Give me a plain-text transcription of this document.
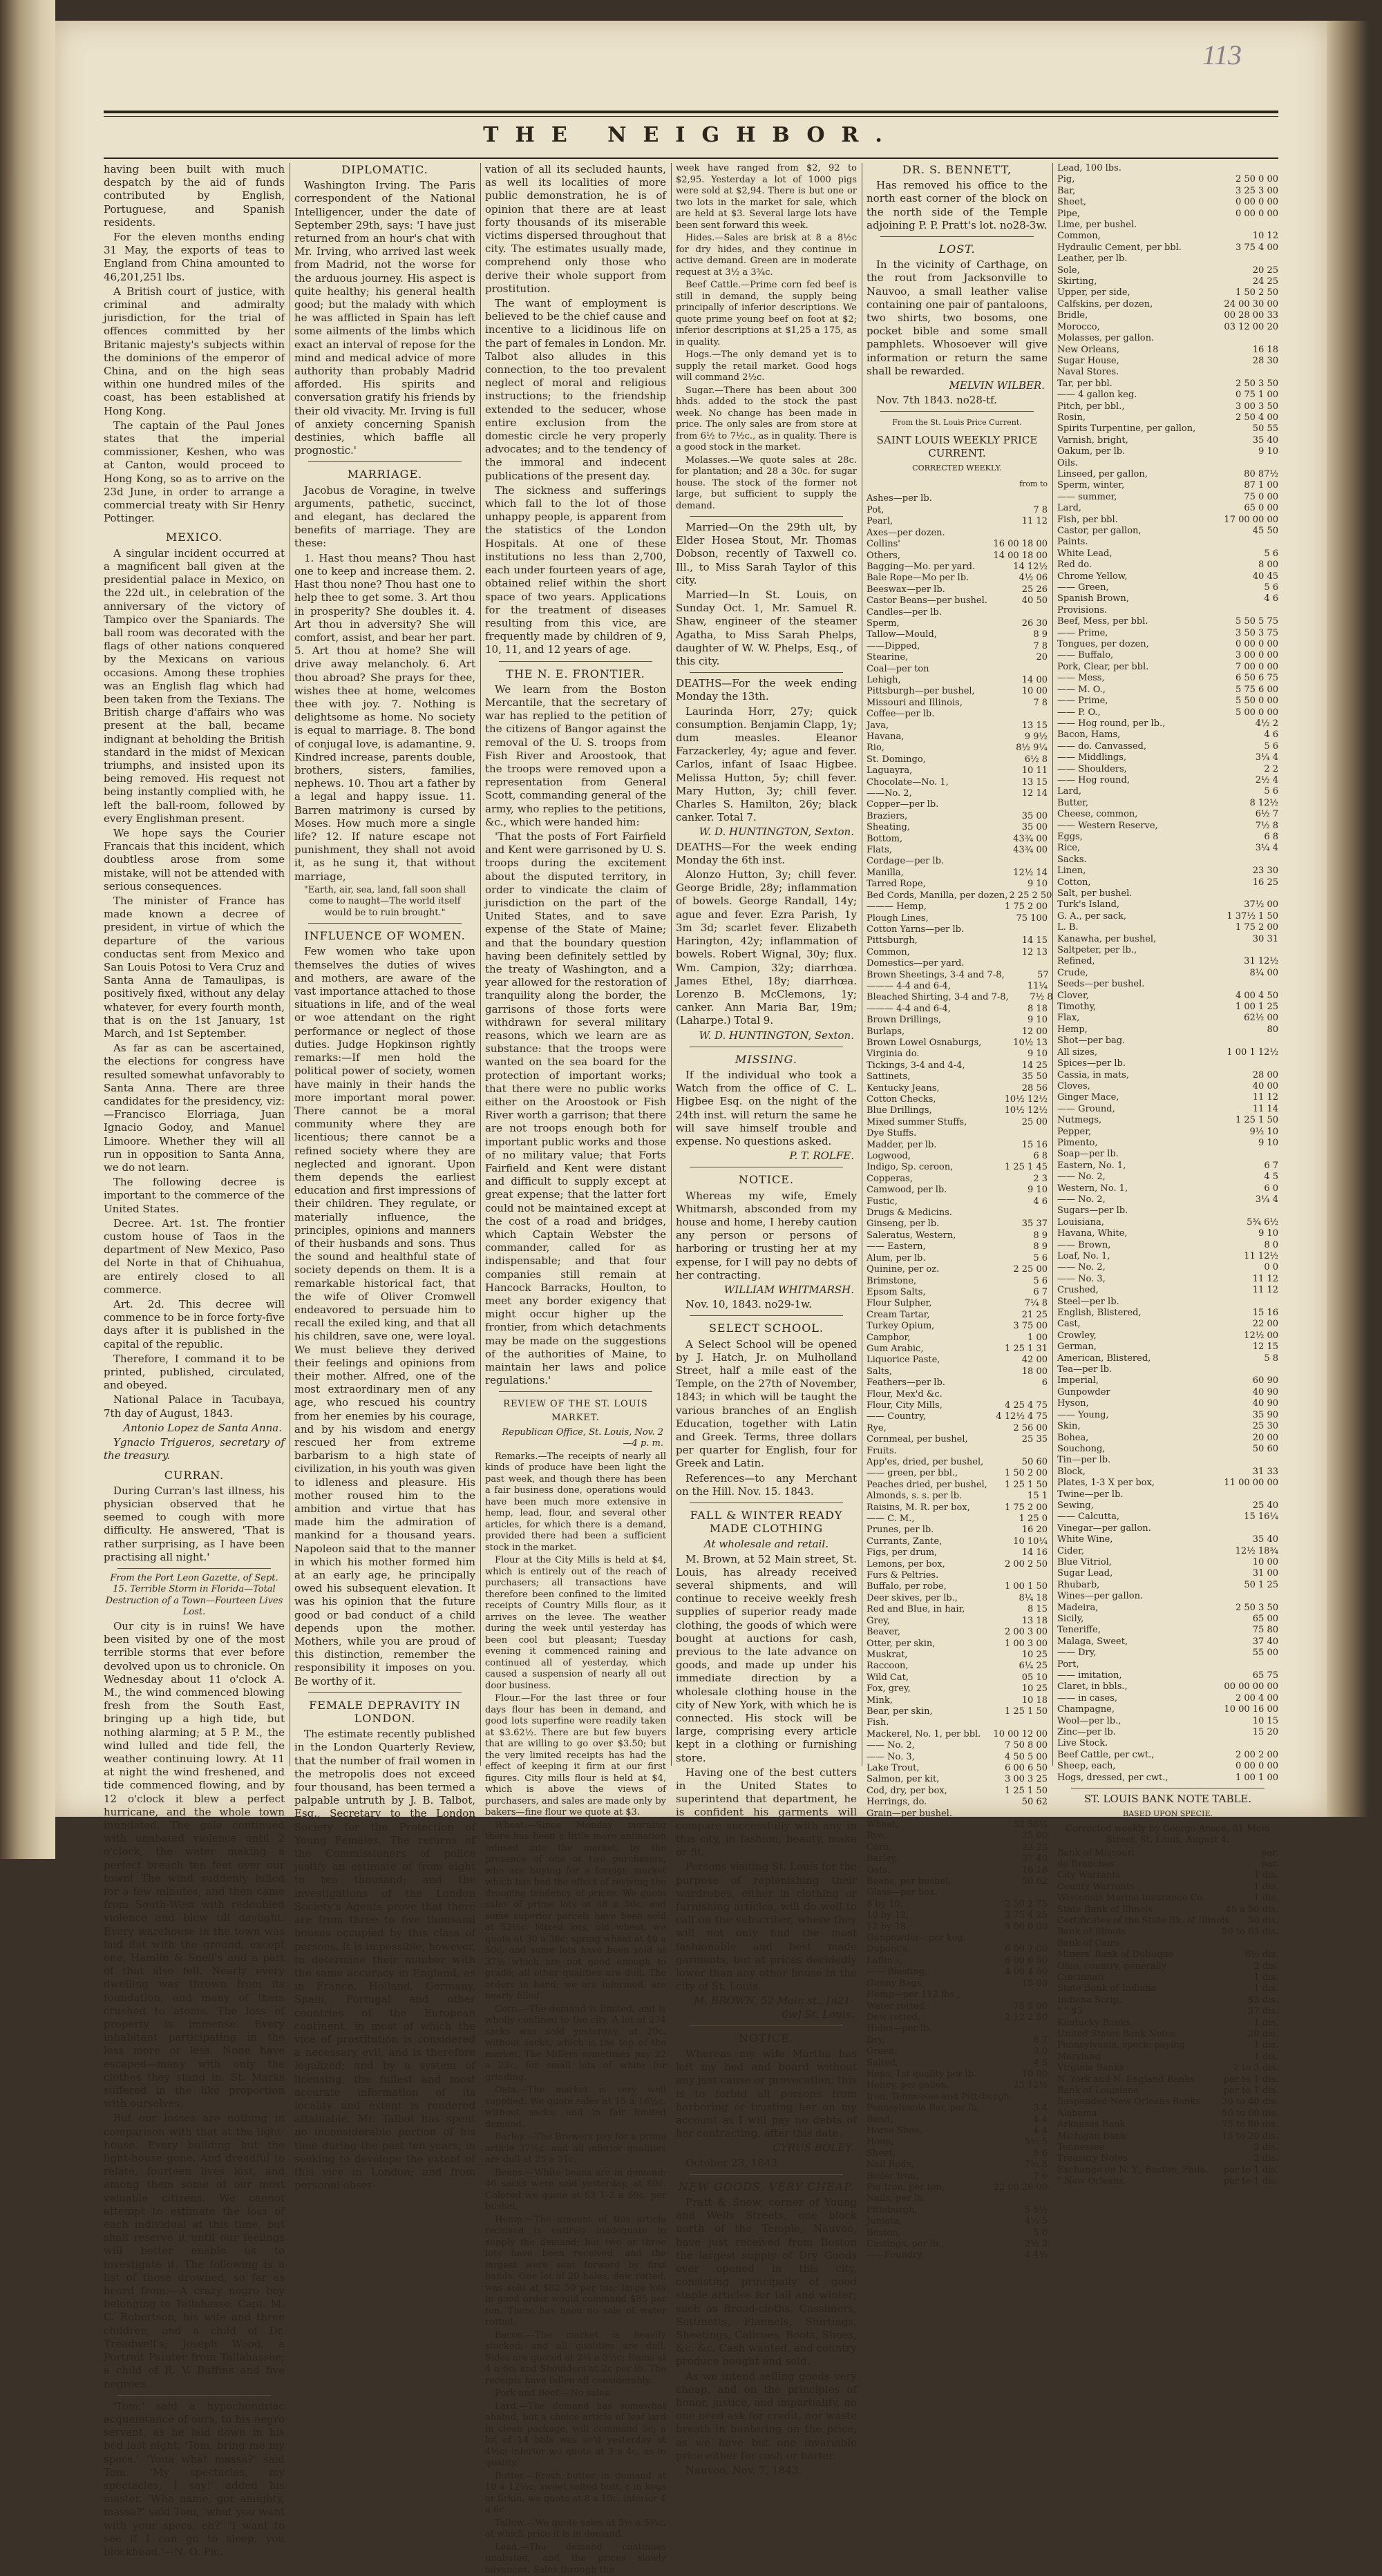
113
THE NEIGHBOR.

having been built with much despatch by the aid of funds contributed by English, Portuguese, and Spanish residents.

For the eleven months ending 31 May, the exports of teas to England from China amounted to 46,201,251 lbs.

A British court of justice, with criminal and admiralty jurisdiction, for the trial of offences committed by her Britanic majesty's subjects within the dominions of the emperor of China, and on the high seas within one hundred miles of the coast, has been established at Hong Kong.

The captain of the Paul Jones states that the imperial commissioner, Keshen, who was at Canton, would proceed to Hong Kong, so as to arrive on the 23d June, in order to arrange a commercial treaty with Sir Henry Pottinger.

MEXICO.

A singular incident occurred at a magnificent ball given at the presidential palace in Mexico, on the 22d ult., in celebration of the anniversary of the victory of Tampico over the Spaniards. The ball room was decorated with the flags of other nations conquered by the Mexicans on various occasions. Among these trophies was an English flag which had been taken from the Texians. The British charge d'affairs who was present at the ball, became indignant at beholding the British standard in the midst of Mexican triumphs, and insisted upon its being removed. His request not being instantly complied with, he left the ball-room, followed by every Englishman present.

We hope says the Courier Francais that this incident, which doubtless arose from some mistake, will not be attended with serious consequences.

The minister of France has made known a decree of president, in virtue of which the departure of the various conductas sent from Mexico and San Louis Potosi to Vera Cruz and Santa Anna de Tamaulipas, is positively fixed, without any delay whatever, for every fourth month, that is on the 1st January, 1st March, and 1st September.

As far as can be ascertained, the elections for congress have resulted somewhat unfavorably to Santa Anna. There are three candidates for the presidency, viz:—Francisco Elorriaga, Juan Ignacio Godoy, and Manuel Limoore. Whether they will all run in opposition to Santa Anna, we do not learn.

The following decree is important to the commerce of the United States.

Decree. Art. 1st. The frontier custom house of Taos in the department of New Mexico, Paso del Norte in that of Chihuahua, are entirely closed to all commerce.

Art. 2d. This decree will commence to be in force forty-five days after it is published in the capital of the republic.

Therefore, I command it to be printed, published, circulated, and obeyed.

National Palace in Tacubaya, 7th day of August, 1843.

Antonio Lopez de Santa Anna.

Ygnacio Trigueros, secretary of the treasury.

CURRAN.

During Curran's last illness, his physician observed that he seemed to cough with more difficulty. He answered, 'That is rather surprising, as I have been practising all night.'

From the Port Leon Gazette, of Sept. 15. Terrible Storm in Florida—Total Destruction of a Town—Fourteen Lives Lost.

Our city is in ruins! We have been visited by one of the most terrible storms that ever before devolved upon us to chronicle. On Wednesday about 11 o'clock A. M., the wind commenced blowing fresh from the South East, bringing up a high tide, but nothing alarming; at 5 P. M., the wind lulled and tide fell, the weather continuing lowry. At 11 at night the wind freshened, and tide commenced flowing, and by 12 o'clock it blew a perfect hurricane, and the whole town inundated. The gale continued with unabated violence until 2 o'clock, the water making a perfect breach ten feet over our town! The wind suddenly lulled for a few minutes, and then came from South-West with redoubled violence and blew till daylight. Every warehouse in the town was laid flat with the ground, except one, Hamlin & Snell's and a part of that also fell. Nearly every dwelling was thrown from its foundation, and many of them crushed to atoms. The loss of property is immense. Every inhabitant participating in the loss more or less. None have escaped—many with only the clothes they stand in. St. Marks suffered in the like proportion with ourselves.

But our losses are nothing in comparison with that at the light-house. Every building but the light-house gone. And dreadful to relate, fourteen lives lost, and among them some of our most valuable citizens. We cannot attempt to estimate the loss of each individual at this time, but shall reserve it until our feelings will better enable us to investigate it. The following is a list of those drowned, so far as heard from:—A crazy negro boy belonging to Tallahasse; Capt. M. C. Robertson, his wife and three children, and a child of Dr. Treadwell's; Joseph Wood, a Portrait Painter from Tallahassee; a child of R. V. Buffins and five negroes.

'Tom,' said a hypochondriac acquaintance of ours, to his negro servant, as he laid down in his bed last night, 'Tom, bring me my specs.' 'Youa what massa?' said Tom. 'My spectacles, my spectacles, I say!' added his master. 'Wha name, gor amighty, massa?' said Tom, 'what you want with your specs, eh?' 'I want to see if I can go to sleep, you blockhead.'—N. O. Pic.

DIPLOMATIC.

Washington Irving. The Paris correspondent of the National Intelligencer, under the date of September 29th, says: 'I have just returned from an hour's chat with Mr. Irving, who arrived last week from Madrid, not the worse for the arduous journey. His aspect is quite healthy; his general health good; but the malady with which he was afflicted in Spain has left some ailments of the limbs which exact an interval of repose for the mind and medical advice of more authority than probably Madrid afforded. His spirits and conversation gratify his friends by their old vivacity. Mr. Irving is full of anxiety concerning Spanish destinies, which baffle all prognostic.'

MARRIAGE.

Jacobus de Voragine, in twelve arguments, pathetic, succinct, and elegant, has declared the benefits of marriage. They are these:

1. Hast thou means? Thou hast one to keep and increase them. 2. Hast thou none? Thou hast one to help thee to get some. 3. Art thou in prosperity? She doubles it. 4. Art thou in adversity? She will comfort, assist, and bear her part. 5. Art thou at home? She will drive away melancholy. 6. Art thou abroad? She prays for thee, wishes thee at home, welcomes thee with joy. 7. Nothing is delightsome as home. No society is equal to marriage. 8. The bond of conjugal love, is adamantine. 9. Kindred increase, parents double, brothers, sisters, families, nephews. 10. Thou art a father by a legal and happy issue. 11. Barren matrimony is cursed by Moses. How much more a single life? 12. If nature escape not punishment, they shall not avoid it, as he sung it, that without marriage,

"Earth, air, sea, land, fall soon shall come to naught—The world itself would be to ruin brought."

INFLUENCE OF WOMEN.

Few women who take upon themselves the duties of wives and mothers, are aware of the vast importance attached to those situations in life, and of the weal or woe attendant on the right performance or neglect of those duties. Judge Hopkinson rightly remarks:—If men hold the political power of society, women have mainly in their hands the more important moral power. There cannot be a moral community where they are licentious; there cannot be a refined society where they are neglected and ignorant. Upon them depends the earliest education and first impressions of their children. They regulate, or materially influence, the principles, opinions and manners of their husbands and sons. Thus the sound and healthful state of society depends on them. It is a remarkable historical fact, that the wife of Oliver Cromwell endeavored to persuade him to recall the exiled king, and that all his children, save one, were loyal. We must believe they derived their feelings and opinions from their mother. Alfred, one of the most extraordinary men of any age, who rescued his country from her enemies by his courage, and by his wisdom and energy rescued her from extreme barbarism to a high state of civilization, in his youth was given to idleness and pleasure. His mother roused him to the ambition and virtue that has made him the admiration of mankind for a thousand years. Napoleon said that to the manner in which his mother formed him at an early age, he principally owed his subsequent elevation. It was his opinion that the future good or bad conduct of a child depends upon the mother. Mothers, while you are proud of this distinction, remember the responsibility it imposes on you. Be worthy of it.

FEMALE DEPRAVITY IN LONDON.

The estimate recently published in the London Quarterly Review, that the number of frail women in the metropolis does not exceed four thousand, has been termed a palpable untruth by J. B. Talbot, Esq., Secretary to the London Society for the Protection of Young Females. The returns of the Commissioners of police justify an estimate of from eight to ten thousand; and the investigations of the London Society's Agents prove that there are from three to five thousand houses occupied by this class of persons. It is impossible, however, to determine their number with the same accuracy in England, as in France, Holland, Germany, Spain, Portugal and other countries of the European continent, in most of which the vice of prostitution is considered a necessary evil, and is therefore legalized; and by a system of licensing, the fullest and most accurate information of its locality and extent is rendered attainable. Mr. Talbot has spent no inconsiderable portion of his time during the past ten years, in seeking to develope the extent of this vice in London; and from personal obser-

vation of all its secluded haunts, as well its localities of more public demonstration, he is of opinion that there are at least forty thousands of its miserable victims dispersed throughout that city. The estimates usually made, comprehend only those who derive their whole support from prostitution.

The want of employment is believed to be the chief cause and incentive to a licidinous life on the part of females in London. Mr. Talbot also alludes in this connection, to the too prevalent neglect of moral and religious instructions; to the friendship extended to the seducer, whose entire exclusion from the domestic circle he very properly advocates; and to the tendency of the immoral and indecent publications of the present day.

The sickness and sufferings which fall to the lot of those unhappy people, is apparent from the statistics of the London Hospitals. At one of these institutions no less than 2,700, each under fourteen years of age, obtained relief within the short space of two years. Applications for the treatment of diseases resulting from this vice, are frequently made by children of 9, 10, 11, and 12 years of age.

THE N. E. FRONTIER.

We learn from the Boston Mercantile, that the secretary of war has replied to the petition of the citizens of Bangor against the removal of the U. S. troops from Fish River and Aroostook, that the troops were removed upon a representation from General Scott, commanding general of the army, who replies to the petitions, &c., which were handed him:

'That the posts of Fort Fairfield and Kent were garrisoned by U. S. troops during the excitement about the disputed territory, in order to vindicate the claim of jurisdiction on the part of the United States, and to save expense of the State of Maine; and that the boundary question having been definitely settled by the treaty of Washington, and a year allowed for the restoration of tranquility along the border, the garrisons of those forts were withdrawn for several military reasons, which we learn are as substance: that the troops were wanted on the sea board for the protection of important works; that there were no public works either on the Aroostook or Fish River worth a garrison; that there are not troops enough both for important public works and those of no military value; that Forts Fairfield and Kent were distant and difficult to supply except at great expense; that the latter fort could not be maintained except at the cost of a road and bridges, which Captain Webster the commander, called for as indispensable; and that four companies still remain at Hancock Barracks, Houlton, to meet any border exigency that might occur higher up the frontier, from which detachments may be made on the suggestions of the authorities of Maine, to maintain her laws and police regulations.'

REVIEW OF THE ST. LOUIS MARKET.

Republican Office, St. Louis, Nov. 2—4 p. m.

Remarks.—The receipts of nearly all kinds of produce have been light the past week, and though there has been a fair business done, operations would have been much more extensive in hemp, lead, flour, and several other articles, for which there is a demand, provided there had been a sufficient stock in the market.

Flour at the City Mills is held at $4, which is entirely out of the reach of purchasers; all transactions have therefore been confined to the limited receipts of Country Mills flour, as it arrives on the levee. The weather during the week until yesterday has been cool but pleasant; Tuesday evening it commenced raining and continued all of yesterday, which caused a suspension of nearly all out door business.

Flour.—For the last three or four days flour has been in demand, and good lots superfine were readily taken at $3.62½. There are but few buyers that are willing to go over $3.50; but the very limited receipts has had the effect of keeping it firm at our first figures. City mills flour is held at $4, which is above the views of purchasers, and sales are made only by bakers—fine flour we quote at $3.

Wheat.—Since Monday morning there has been a little more animation infused into the market, by the presence of one or two purchasers, who are buying for a foreign market which has had the effect of reviving the drooping tendency of prices. We quote sales of prime lots at 48 a 50c, and some superior parcels have been sold at 52½c. Mixed lots, old wheat, we quote at 30 a 36c; spring wheat at 40 a 50c, and some lots have been sold at 37½ which are not good enough to grade; all other qualities are dull. The orders in hand, we are informed, are nearly filled.

Corn.—The demand is limited, and is wholly confined to the city. A lot of 274 sacks was sold yesterday, at 20c. without sacks, which is the top of the market. The Millers sometimes pay 22 a 23c, for small lots of white for grinding.

Oats.—The market is very well supplied. We quote sales at 15 a 16½c. without sacks; and in fair limited demand.

Barley.—The Brewers pay for a prime article 37½c. and all inferior qualities are dull at 25 a 31c.

Beans.—White beans are in demand; 46 sacks were sold yesterday, at 80c. Colored we quote at 62 1-2 a 69c. per bushel.

Hemp.—The amount of this article received is entirely inadequate to supply the demand; but two or three lots have been received, and the largest were sent forward by first hands. One lot of 20 bales, dew rotted, was sold at $82 50 per ton; large lots in good order would command $85 per ton. There has been no sale of water rotted.

Bacon.—The market is heavily stocked, and all qualities are dull. Sides are quoted at 2½ a 3½c; Hams at 4 a 6c; and Shoulders at 2c per lb. The receipts have fallen off considerably.

Pork and Beef.—No sales.

Lard.—The demand has somewhat abated, but a choice article of leaf lard in clean package, will command 5c; a lot of 14 bbls was so'd yesterday at 4½c; inferior we quote at 3 a 4c, as to quality.

Butter.—Fresh butter in demand at 10 a 12½c; sweet salted butt, r in kegs or firkin, we quote at 8 a 10c; inferior 4 a 6c.

Tallow.—We quote sales at 5½ a 5¾c, at which price it is in demand.

Lead.—The demand continues unabated, and the prices slowly advances. Sales through the

week have ranged from $2, 92 to $2,95. Yesterday a lot of 1000 pigs were sold at $2,94. There is but one or two lots in the market for sale, which are held at $3. Several large lots have been sent forward this week.

Hides.—Sales are brisk at 8 a 8½c for dry hides, and they continue in active demand. Green are in moderate request at 3½ a 3¾c.

Beef Cattle.—Prime corn fed beef is still in demand, the supply being principally of inferior descriptions. We quote prime young beef on foot at $2; inferior descriptions at $1,25 a 175, as in quality.

Hogs.—The only demand yet is to supply the retail market. Good hogs will command 2½c.

Sugar.—There has been about 300 hhds. added to the stock the past week. No change has been made in price. The only sales are from store at from 6½ to 7½c., as in quality. There is a good stock in the market.

Molasses.—We quote sales at 28c. for plantation; and 28 a 30c. for sugar house. The stock of the former not large, but sufficient to supply the demand.

Married—On the 29th ult, by Elder Hosea Stout, Mr. Thomas Dobson, recently of Taxwell co. Ill., to Miss Sarah Taylor of this city.

Married—In St. Louis, on Sunday Oct. 1, Mr. Samuel R. Shaw, engineer of the steamer Agatha, to Miss Sarah Phelps, daughter of W. W. Phelps, Esq., of this city.

DEATHS—For the week ending Monday the 13th.

Laurinda Horr, 27y; quick consumption. Benjamin Clapp, 1y; dum measles. Eleanor Farzackerley, 4y; ague and fever. Carlos, infant of Isaac Higbee. Melissa Hutton, 5y; chill fever. Mary Hutton, 3y; chill fever. Charles S. Hamilton, 26y; black canker. Total 7.

W. D. HUNTINGTON, Sexton.

DEATHS—For the week ending Monday the 6th inst.

Alonzo Hutton, 3y; chill fever. George Bridle, 28y; inflammation of bowels. George Randall, 14y; ague and fever. Ezra Parish, 1y 3m 3d; scarlet fever. Elizabeth Harington, 42y; inflammation of bowels. Robert Wignal, 30y; flux. Wm. Campion, 32y; diarrhœa. James Ethel, 18y; diarrhœa. Lorenzo B. McClemons, 1y; canker. Ann Maria Bar, 19m; (Laharpe.) Total 9.

W. D. HUNTINGTON, Sexton.

MISSING.

If the individual who took a Watch from the office of C. L. Higbee Esq. on the night of the 24th inst. will return the same he will save himself trouble and expense. No questions asked.

P. T. ROLFE.

NOTICE.

Whereas my wife, Emely Whitmarsh, absconded from my house and home, I hereby caution any person or persons of harboring or trusting her at my expense, for I will pay no debts of her contracting.

WILLIAM WHITMARSH.

Nov. 10, 1843. no29-1w.

SELECT SCHOOL.

A Select School will be opened by J. Hatch, Jr. on Mulholland Street, half a mile east of the Temple, on the 27th of November, 1843; in which will be taught the various branches of an English Education, together with Latin and Greek. Terms, three dollars per quarter for English, four for Greek and Latin.

References—to any Merchant on the Hill. Nov. 15. 1843.

FALL & WINTER READY MADE CLOTHING

At wholesale and retail.

M. Brown, at 52 Main street, St. Louis, has already received several shipments, and will continue to receive weekly fresh supplies of superior ready made clothing, the goods of which were bought at auctions for cash, previous to the late advance on goods, and made up under his immediate direction by a wholesale clothing house in the city of New York, with which he is connected. His stock will be large, comprising every article kept in a clothing or furnishing store.

Having one of the best cutters in the United States to superintend that department, he is confident his garments will compare successfully with any in this city, in fashion, beauty, make or fit.

Persons visiting St. Louis for the purpose of replenishing their wardrobes, either in clothing or furnishing articles, will do well to call on the subscriber, where they will not only find the most fashionable and best made garments, but at prices decidedly lower than any other house in the city of St. Louis.

M. BROWN, 52 Main st., [n21-6w] St. Louis.

NOTICE.

Whereas my wife Martha has left my bed and board without any just cause or provocation, this is to forbid all persons from harboring or trusting her on my account as I will pay no debts of her contracting, after this date.

CYRUS BOLEY.

October 23, 1843.

NEW GOODS, VERY CHEAP.

Pratt & Snow, corner of Young and Wells Streets, one block north of the Temple, Nauvoo, have just received from Boston the largest supply of Dry Goods ever opened in this city, consisting principally of good staple articles for fall and winter; such as Broad-cloths, Cassimers, Sattinetts, Flannels, Shirtings, Sheetings, Calicoes, Boots, Shoes, &c. &c. Cash wanted, and country produce bought and sold.

As we intend selling goods very cheap, and on the principles of honor, justice, and impartiality, no one need ask for credit, nor waste breath in bantering on the price, as we have but one invariable price either for cash or barter.

Nauvoo, Nov. 7, 1843.

DR. S. BENNETT,

Has removed his office to the north east corner of the block on the north side of the Temple adjoining P. P. Pratt's lot. no28-3w.

LOST.

In the vicinity of Carthage, on the rout from Jacksonville to Nauvoo, a small leather valise containing one pair of pantaloons, two shirts, two bosoms, one pocket bible and some small pamphlets. Whosoever will give information or return the same shall be rewarded.

MELVIN WILBER.

Nov. 7th 1843. no28-tf.

From the St. Louis Price Current.
SAINT LOUIS WEEKLY PRICE CURRENT.
CORRECTED WEEKLY.
from to
Ashes—per lb.
Pot,	7 8
Pearl,	11 12
Axes—per dozen.
Collins'	16 00 18 00
Others,	14 00 18 00
Bagging—Mo. per yard.	14 12½
Bale Rope—Mo per lb.	4½ 06
Beeswax—per lb.	25 26
Castor Beans—per bushel.	40 50
Candles—per lb.
Sperm,	26 30
Tallow—Mould,	8 9
——Dipped,	7 8
Stearine,	20
Coal—per ton
Lehigh,	14 00
Pittsburgh—per bushel,	10 00
Missouri and Illinois,	7 8
Coffee—per lb.
Java,	13 15
Havana,	9 9½
Rio,	8½ 9¼
St. Domingo,	6½ 8
Laguayra,	10 11
Chocolate—No. 1,	13 15
——No. 2,	12 14
Copper—per lb.
Braziers,	35 00
Sheating,	35 00
Bottom,	43¾ 00
Flats,	43¾ 00
Cordage—per lb.
Manilla,	12½ 14
Tarred Rope,	9 10
Bed Cords, Manilla, per dozen, 2 25 2 50
——— Hemp,	1 75 2 00
Plough Lines,	75 100
Cotton Yarns—per lb.
Pittsburgh,	14 15
Common,	12 13
Domestics—per yard.
Brown Sheetings, 3-4 and 7-8,	57
——— 4-4 and 6-4,	11¼
Bleached Shirting, 3-4 and 7-8,	7½ 8
——— 4-4 and 6-4,	8 18
Brown Drillings,	9 10
Burlaps,	12 00
Brown Lowel Osnaburgs,	10½ 13
Virginia do.	9 10
Tickings, 3-4 and 4-4,	14 25
Sattinets,	35 50
Kentucky Jeans,	28 56
Cotton Checks,	10½ 12½
Blue Drillings,	10½ 12½
Mixed summer Stuffs,	25 00
Dye Stuffs.
Madder, per lb.	15 16
Logwood,	6 8
Indigo, Sp. ceroon,	1 25 1 45
Copperas,	2 3
Camwood, per lb.	9 10
Fustic,	4 6
Drugs & Medicins.
Ginseng, per lb.	35 37
Saleratus, Western,	8 9
—— Eastern,	8 9
Alum, per lb.	5 6
Quinine, per oz.	2 25 00
Brimstone,	5 6
Epsom Salts,	6 7
Flour Sulpher,	7¼ 8
Cream Tartar,	21 25
Turkey Opium,	3 75 00
Camphor,	1 00
Gum Arabic,	1 25 1 31
Liquorice Paste,	42 00
Salts,	18 00
Feathers—per lb.	6
Flour, Mex'd &c.
Flour, City Mills,	4 25 4 75
—— Country,	4 12½ 4 75
Rye,	2 56 00
Cornmeal, per bushel,	25 35
Fruits.
App'es, dried, per bushel,	50 60
—— green, per bbl.,	1 50 2 00
Peaches dried, per bushel, 1 25 1 50
Almonds, s. s. per lb.	15 1
Raisins, M. R. per box,	1 75 2 00
—— C. M.,	1 25 0
Prunes, per lb.	16 20
Currants, Zante,	10 10¼
Figs, per drum,	14 16
Lemons, per box,	2 00 2 50
Furs & Peltries.
Buffalo, per robe,	1 00 1 50
Deer skives, per lb.,	8¼ 18
Red and Blue, in hair,	8 15
Grey,	13 18
Beaver,	2 00 3 00
Otter, per skin,	1 00 3 00
Muskrat,	10 25
Raccoon,	6¼ 25
Wild Cat,	05 10
Fox, grey,	10 25
Mink,	10 18
Bear, per skin,	1 25 1 50
Fish.
Mackerel, No. 1, per bbl. 10 00 12 00
—— No. 2,	7 50 8 00
—— No. 3,	4 50 5 00
Lake Trout,	6 00 6 50
Salmon, per kit,	3 00 3 25
Cod, dry, per box,	1 25 1 50
Herrings, do.	50 62
Grain—per bushel.
Wheat,	52 56¼
Rye,	25 00
Corn,	22 23
Barley,	37 40
Oats,	16 18
Beans, per bushel,	50 62
Glass—per box.
8 by 10,	2 50 2 75
10 by 12,	3 75 4 25
12 by 18,	9 00 0 00
Gunpowder—per keg.
Dupont's,	6 00 7 00
Laflin's,	6 00 6 50
—— Blasting,	4 00 4 50
Gunny Bags,	15 00
Hemp—per 112 lbs.,
Water rotted,	75 5 00
Dew rotted,	2 12 2 50
Hides—per lb.
Dry,	6 7
Green,	3 0
Salted,	4 5
Hops, 1st quality per lb.	10 00
Honey, per gallon,	25 12½
Iron, Tennessee and Pittsburgh.
Pennsylvania Bar, per lb,	3 4
Band,	4 4
Horse Shoe,	4 4
Hoop,	5½ 5
Sheet,	5 6
Nail Rods,	7½ 8
Boiler Iron,	7 6
Pig Iron, per ton,	22 00 26 00
Nails, per lb.
Pittsburgh,	5 5½
Juniata,	4½ 5
Boston,	5 0
Castings, per lb.,	2½ 3
——Foundry,	4 4½
Lead, 100 lbs.
Pig,	2 50 0 00
Bar,	3 25 3 00
Sheet,	0 00 0 00
Pipe,	0 00 0 00
Lime, per bushel.
Common,	10 12
Hydraulic Cement, per bbl.	3 75 4 00
Leather, per lb.
Sole,	20 25
Skirting,	24 25
Upper, per side,	1 50 2 50
Calfskins, per dozen,	24 00 30 00
Bridle,	00 28 00 33
Morocco,	03 12 00 20
Molasses, per gallon.
New Orleans,	16 18
Sugar House,	28 30
Naval Stores.
Tar, per bbl.	2 50 3 50
—— 4 gallon keg.	0 75 1 00
Pitch, per bbl.,	3 00 3 50
Rosin,	2 50 4 00
Spirits Turpentine, per gallon,	50 55
Varnish, bright,	35 40
Oakum, per lb.	9 10
Oils.
Linseed, per gallon,	80 87½
Sperm, winter,	87 1 00
—— summer,	75 0 00
Lard,	65 0 00
Fish, per bbl.	17 00 00 00
Castor, per gallon,	45 50
Paints.
White Lead,	5 6
Red do.	8 00
Chrome Yellow,	40 45
—— Green,	5 6
Spanish Brown,	4 6
Provisions.
Beef, Mess, per bbl.	5 50 5 75
—— Prime,	3 50 3 75
Tongues, per dozen,	0 00 0 00
—— Buffalo,	3 00 0 00
Pork, Clear, per bbl.	7 00 0 00
—— Mess,	6 50 6 75
—— M. O.,	5 75 6 00
—— Prime,	5 50 0 00
—— P. O.,	5 00 0 00
—— Hog round, per lb.,	4½ 2
Bacon, Hams,	4 6
—— do. Canvassed,	5 6
—— Middlings,	3¼ 4
—— Shoulders,	2 2
—— Hog round,	2½ 4
Lard,	5 6
Butter,	8 12½
Cheese, common,	6½ 7
—— Western Reserve,	7½ 8
Eggs,	6 8
Rice,	3¼ 4
Sacks.
Linen,	23 30
Cotton,	16 25
Salt, per bushel.
Turk's Island,	37½ 00
G. A., per sack,	1 37½ 1 50
L. B.	1 75 2 00
Kanawha, per bushel,	30 31
Saltpeter, per lb.,
Refined,	31 12½
Crude,	8¼ 00
Seeds—per bushel.
Clover,	4 00 4 50
Timothy,	1 00 1 25
Flax,	62½ 00
Hemp,	80
Shot—per bag.
All sizes,	1 00 1 12½
Spices—per lb.
Cassia, in mats,	28 00
Cloves,	40 00
Ginger Mace,	11 12
—— Ground,	11 14
Nutmegs,	1 25 1 50
Pepper,	9½ 10
Pimento,	9 10
Soap—per lb.
Eastern, No. 1,	6 7
—— No. 2,	4 5
Western, No. 1,	6 0
—— No. 2,	3¼ 4
Sugars—per lb.
Louisiana,	5¾ 6½
Havana, White,	9 10
—— Brown,	8 0
Loaf, No. 1,	11 12½
—— No. 2,	0 0
—— No. 3,	11 12
Crushed,	11 12
Steel—per lb.
English, Blistered,	15 16
Cast,	22 00
Crowley,	12½ 00
German,	12 15
American, Blistered,	5 8
Tea—per lb.
Imperial,	60 90
Gunpowder	40 90
Hyson,	40 90
—— Young,	35 90
Skin,	25 30
Bohea,	20 00
Souchong,	50 60
Tin—per lb.
Block,	31 33
Plates, 1-3 X per box,	11 00 00 00
Twine—per lb.
Sewing,	25 40
—— Calcutta,	15 16¼
Vinegar—per gallon.
White Wine,	35 40
Cider,	12½ 18¾
Blue Vitriol,	10 00
Sugar Lead,	31 00
Rhubarb,	50 1 25
Wines—per gallon.
Madeira,	2 50 3 50
Sicily,	65 00
Teneriffe,	75 80
Malaga, Sweet,	37 40
—— Dry,	55 00
Port,
—— imitation,	65 75
Claret, in bbls.,	00 00 00 00
—— in cases,	2 00 4 00
Champagne,	10 00 16 00
Wool—per lb.,	10 15
Zinc—per lb.	15 20
Live Stock.
Beef Cattle, per cwt.,	2 00 2 00
Sheep, each,	0 00 0 00
Hogs, dressed, per cwt.,	1 00 1 00
ST. LOUIS BANK NOTE TABLE.
BASED UPON SPECIE.

Corrected weekly by George Anson, 81 Main Street. St. Louis, August 4.

Bank of Missouri	par.
do Branches	par.
City Warrants	1 dis.
County Warrants	1 dis.
Wisconsin Marine Insurance Co.	1 dis.
State Bank of Illinois	45 a 50 dis.
Certificates of the State Bk. of Illinois 50 dis.
Bank of Illinois	50 to 65 dis.
Bank of Cairo
Miners' Bank of Dubuque	8½ dis.
Ohio, country, generally	2 dis.
Cincinnati	1 dis.
State Bank of Indiana	1 dis.
Indiana Scrip,	$3 dis.
" " $5	37 dis.
Kentucky Banks	1 dis.
United States Bank Notes	20 dis.
Pennsylvania, specie paying	1 dis.
Maryland	1 dis.
Virginia Banks	2 to 3 dis.
N. York and N. England Banks	par to 1 dis.
Bank of Louisiana	par to 1 dis.
Suspended New Orleans Banks 30 to 40 dis.
Alabama	50 to 60 dis.
Arkansas Bank	75 to 80 dis.
Michigan Bank	15 to 20 dis.
Tennessee	2 dis.
Treasury Notes	2 dis.
Exchange on N. Y., Boston, Phila. par to 1 dis.
" New Orleans,	par to 1 dis.
